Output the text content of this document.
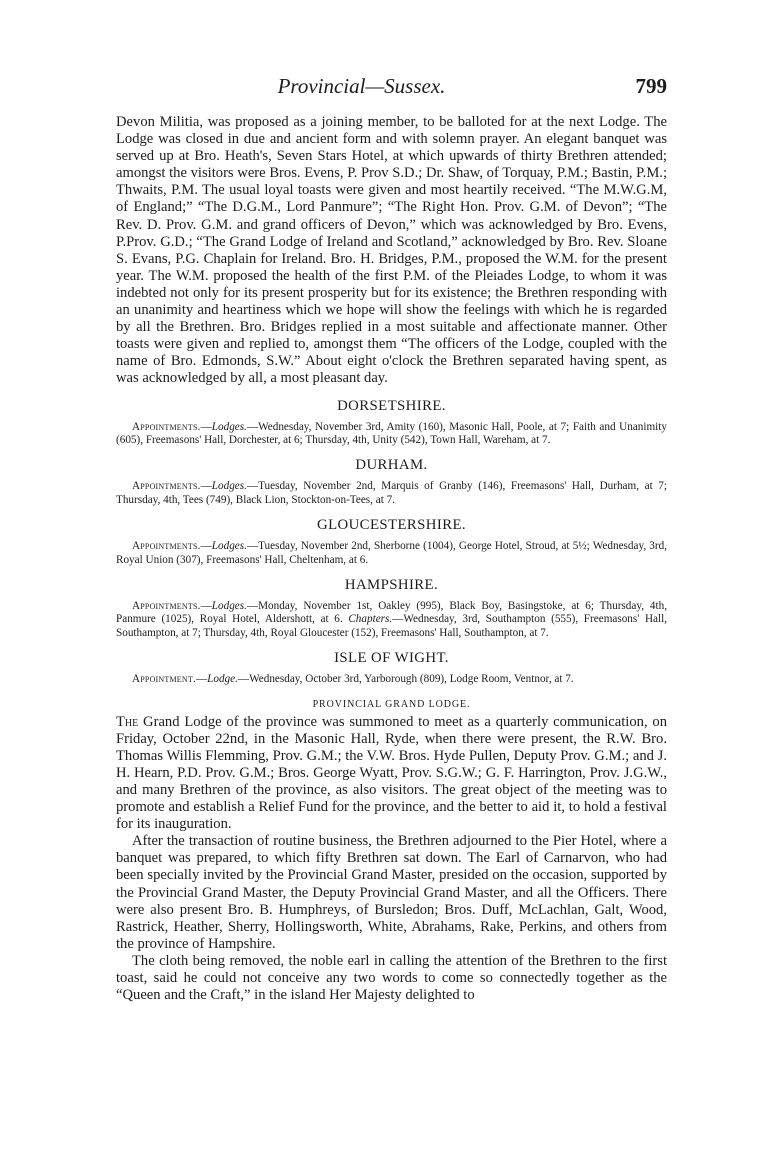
Provincial—Sussex.	799

Devon Militia, was proposed as a joining member, to be balloted for at the next Lodge. The Lodge was closed in due and ancient form and with solemn prayer. An elegant banquet was served up at Bro. Heath's, Seven Stars Hotel, at which upwards of thirty Brethren attended; amongst the visitors were Bros. Evens, P. Prov S.D.; Dr. Shaw, of Torquay, P.M.; Bastin, P.M.; Thwaits, P.M. The usual loyal toasts were given and most heartily received. “The M.W.G.M, of England;” “The D.G.M., Lord Panmure”; “The Right Hon. Prov. G.M. of Devon”; “The Rev. D. Prov. G.M. and grand officers of Devon,” which was acknowledged by Bro. Evens, P.Prov. G.D.; “The Grand Lodge of Ireland and Scotland,” acknowledged by Bro. Rev. Sloane S. Evans, P.G. Chaplain for Ireland. Bro. H. Bridges, P.M., proposed the W.M. for the present year. The W.M. proposed the health of the first P.M. of the Pleiades Lodge, to whom it was indebted not only for its present prosperity but for its existence; the Brethren responding with an unanimity and heartiness which we hope will show the feelings with which he is regarded by all the Brethren. Bro. Bridges replied in a most suitable and affectionate manner. Other toasts were given and replied to, amongst them “The officers of the Lodge, coupled with the name of Bro. Edmonds, S.W.” About eight o'clock the Brethren separated having spent, as was acknowledged by all, a most pleasant day.

DORSETSHIRE.

Appointments.—Lodges.—Wednesday, November 3rd, Amity (160), Masonic Hall, Poole, at 7; Faith and Unanimity (605), Freemasons' Hall, Dorchester, at 6; Thursday, 4th, Unity (542), Town Hall, Wareham, at 7.

DURHAM.

Appointments.—Lodges.—Tuesday, November 2nd, Marquis of Granby (146), Freemasons' Hall, Durham, at 7; Thursday, 4th, Tees (749), Black Lion, Stockton-on-Tees, at 7.

GLOUCESTERSHIRE.

Appointments.—Lodges.—Tuesday, November 2nd, Sherborne (1004), George Hotel, Stroud, at 5½; Wednesday, 3rd, Royal Union (307), Freemasons' Hall, Cheltenham, at 6.

HAMPSHIRE.

Appointments.—Lodges.—Monday, November 1st, Oakley (995), Black Boy, Basingstoke, at 6; Thursday, 4th, Panmure (1025), Royal Hotel, Aldershott, at 6. Chapters.—Wednesday, 3rd, Southampton (555), Freemasons' Hall, Southampton, at 7; Thursday, 4th, Royal Gloucester (152), Freemasons' Hall, Southampton, at 7.

ISLE OF WIGHT.

Appointment.—Lodge.—Wednesday, October 3rd, Yarborough (809), Lodge Room, Ventnor, at 7.

PROVINCIAL GRAND LODGE.

The Grand Lodge of the province was summoned to meet as a quarterly communication, on Friday, October 22nd, in the Masonic Hall, Ryde, when there were present, the R.W. Bro. Thomas Willis Flemming, Prov. G.M.; the V.W. Bros. Hyde Pullen, Deputy Prov. G.M.; and J. H. Hearn, P.D. Prov. G.M.; Bros. George Wyatt, Prov. S.G.W.; G. F. Harrington, Prov. J.G.W., and many Brethren of the province, as also visitors. The great object of the meeting was to promote and establish a Relief Fund for the province, and the better to aid it, to hold a festival for its inauguration.

After the transaction of routine business, the Brethren adjourned to the Pier Hotel, where a banquet was prepared, to which fifty Brethren sat down. The Earl of Carnarvon, who had been specially invited by the Provincial Grand Master, presided on the occasion, supported by the Provincial Grand Master, the Deputy Provincial Grand Master, and all the Officers. There were also present Bro. B. Humphreys, of Bursledon; Bros. Duff, McLachlan, Galt, Wood, Rastrick, Heather, Sherry, Hollingsworth, White, Abrahams, Rake, Perkins, and others from the province of Hampshire.

The cloth being removed, the noble earl in calling the attention of the Brethren to the first toast, said he could not conceive any two words to come so connectedly together as the “Queen and the Craft,” in the island Her Majesty delighted to
